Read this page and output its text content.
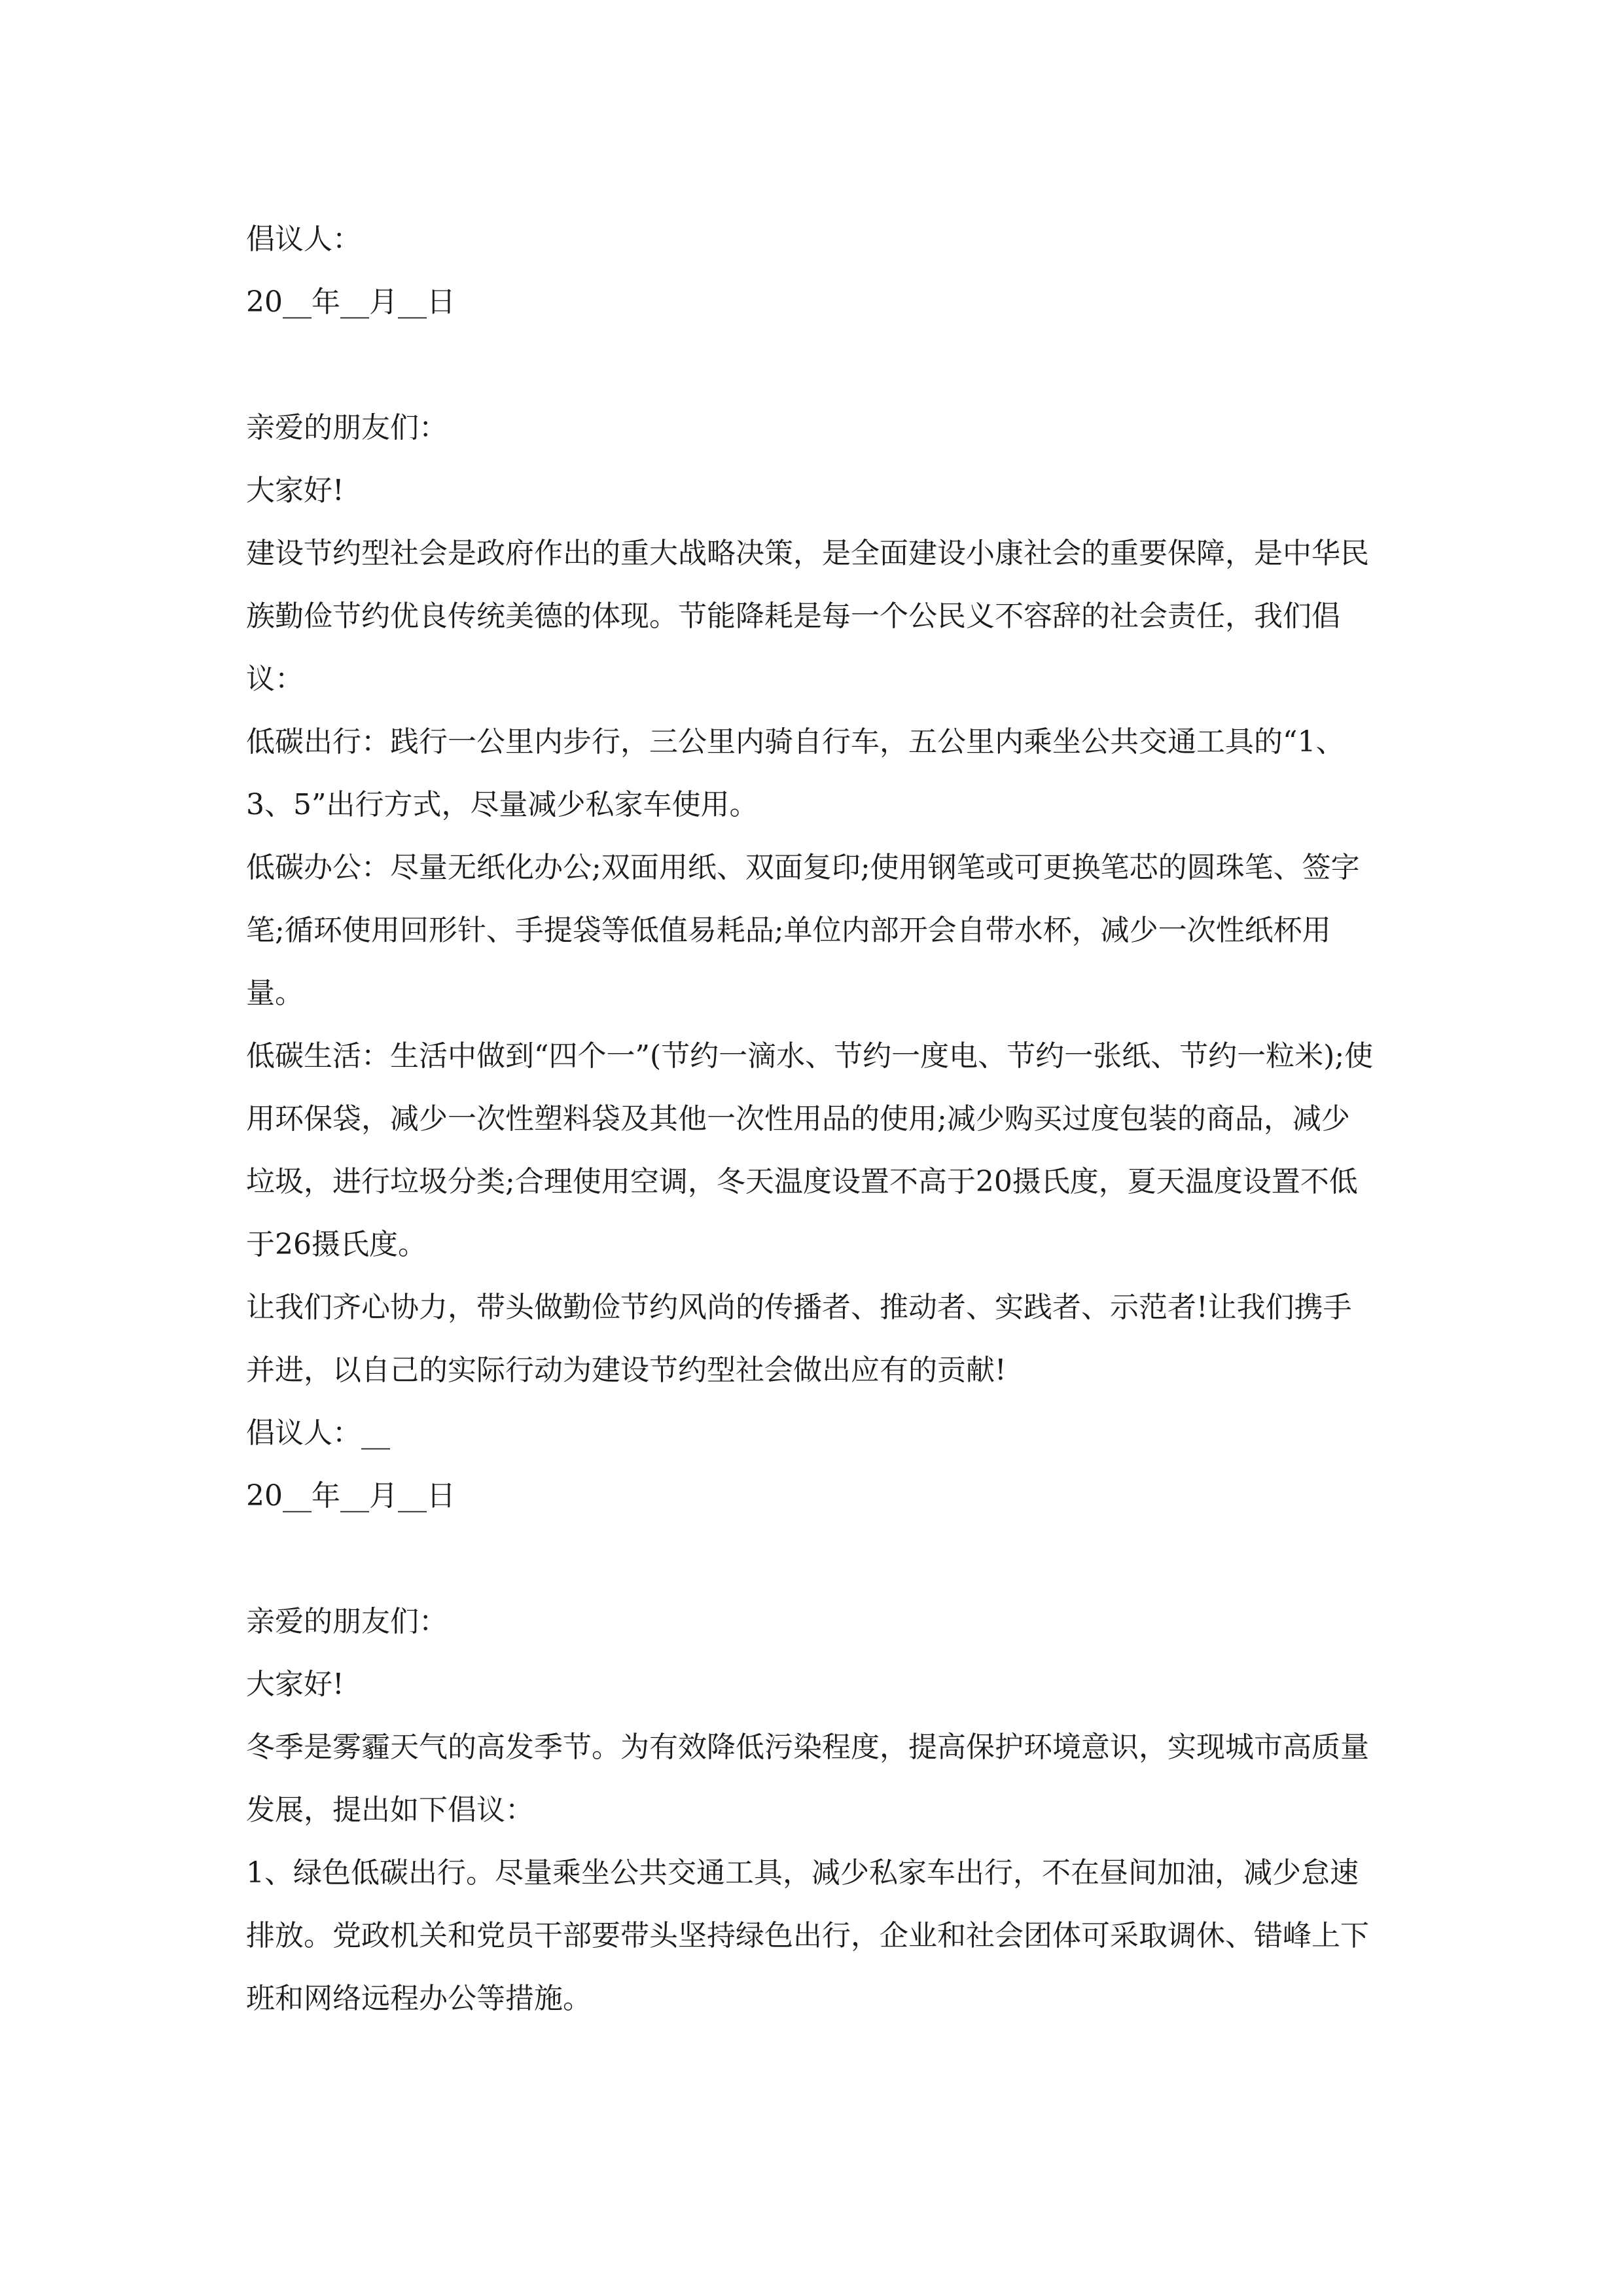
倡议人：

20__年__月__日

亲爱的朋友们：

大家好!

建设节约型社会是政府作出的重大战略决策，是全面建设小康社会的重要保障，是中华民族勤俭节约优良传统美德的体现。节能降耗是每一个公民义不容辞的社会责任，我们倡议：

低碳出行：践行一公里内步行，三公里内骑自行车，五公里内乘坐公共交通工具的“1、3、5”出行方式，尽量减少私家车使用。

低碳办公：尽量无纸化办公;双面用纸、双面复印;使用钢笔或可更换笔芯的圆珠笔、签字笔;循环使用回形针、手提袋等低值易耗品;单位内部开会自带水杯，减少一次性纸杯用量。

低碳生活：生活中做到“四个一”(节约一滴水、节约一度电、节约一张纸、节约一粒米);使用环保袋，减少一次性塑料袋及其他一次性用品的使用;减少购买过度包装的商品，减少垃圾，进行垃圾分类;合理使用空调，冬天温度设置不高于20摄氏度，夏天温度设置不低于26摄氏度。

让我们齐心协力，带头做勤俭节约风尚的传播者、推动者、实践者、示范者!让我们携手并进，以自己的实际行动为建设节约型社会做出应有的贡献!

倡议人：__

20__年__月__日

亲爱的朋友们：

大家好!

冬季是雾霾天气的高发季节。为有效降低污染程度，提高保护环境意识，实现城市高质量发展，提出如下倡议：

1、绿色低碳出行。尽量乘坐公共交通工具，减少私家车出行，不在昼间加油，减少怠速排放。党政机关和党员干部要带头坚持绿色出行，企业和社会团体可采取调休、错峰上下班和网络远程办公等措施。
